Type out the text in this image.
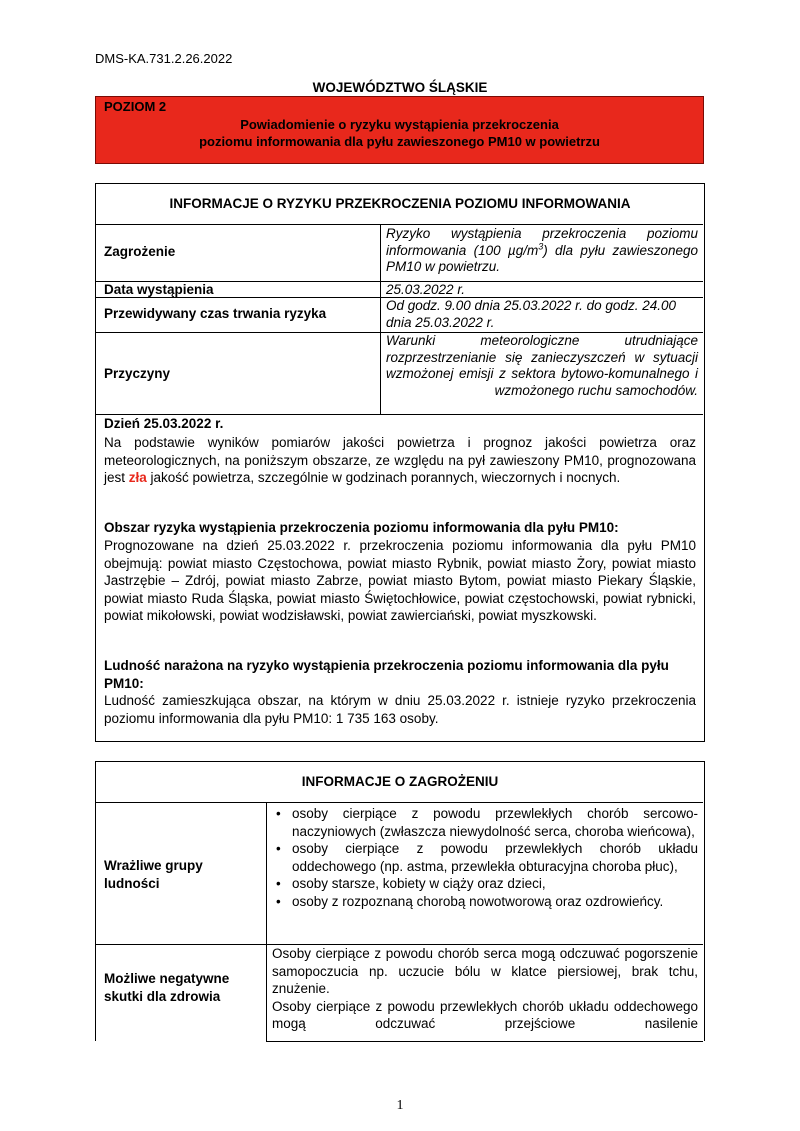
DMS-KA.731.2.26.2022
WOJEWÓDZTWO ŚLĄSKIE
POZIOM 2
Powiadomienie o ryzyku wystąpienia przekroczenia
poziomu informowania dla pyłu zawieszonego PM10 w powietrzu
INFORMACJE O RYZYKU PRZEKROCZENIA POZIOMU INFORMOWANIA
Zagrożenie
Ryzyko wystąpienia przekroczenia poziomu informowania (100 $\mu g/m^3$) dla pyłu zawieszonego PM10 w powietrzu.
Data wystąpienia	25.03.2022 r.
Przewidywany czas trwania ryzyka
Od godz. 9.00 dnia 25.03.2022 r. do godz. 24.00 dnia 25.03.2022 r.
Przyczyny
Warunki meteorologiczne utrudniające rozprzestrzenianie się zanieczyszczeń w sytuacji wzmożonej emisji z sektora bytowo-komunalnego i wzmożonego ruchu samochodów.
Dzień 25.03.2022 r.
Na podstawie wyników pomiarów jakości powietrza i prognoz jakości powietrza oraz meteorologicznych, na poniższym obszarze, ze względu na pył zawieszony PM10, prognozowana jest zła jakość powietrza, szczególnie w godzinach porannych, wieczornych i nocnych.
Obszar ryzyka wystąpienia przekroczenia poziomu informowania dla pyłu PM10:
Prognozowane na dzień 25.03.2022 r. przekroczenia poziomu informowania dla pyłu PM10 obejmują: powiat miasto Częstochowa, powiat miasto Rybnik, powiat miasto Żory, powiat miasto Jastrzębie – Zdrój, powiat miasto Zabrze, powiat miasto Bytom, powiat miasto Piekary Śląskie, powiat miasto Ruda Śląska, powiat miasto Świętochłowice, powiat częstochowski, powiat rybnicki, powiat mikołowski, powiat wodzisławski, powiat zawierciański, powiat myszkowski.
Ludność narażona na ryzyko wystąpienia przekroczenia poziomu informowania dla pyłu PM10:
Ludność zamieszkująca obszar, na którym w dniu 25.03.2022 r. istnieje ryzyko przekroczenia poziomu informowania dla pyłu PM10: 1 735 163 osoby.
INFORMACJE O ZAGROŻENIU
Wrażliwe grupy
ludności
• osoby cierpiące z powodu przewlekłych chorób sercowo-naczyniowych (zwłaszcza niewydolność serca, choroba wieńcowa),
• osoby cierpiące z powodu przewlekłych chorób układu oddechowego (np. astma, przewlekła obturacyjna choroba płuc),
• osoby starsze, kobiety w ciąży oraz dzieci,
• osoby z rozpoznaną chorobą nowotworową oraz ozdrowieńcy.
Możliwe negatywne
skutki dla zdrowia
Osoby cierpiące z powodu chorób serca mogą odczuwać pogorszenie samopoczucia np. uczucie bólu w klatce piersiowej, brak tchu, znużenie.
Osoby cierpiące z powodu przewlekłych chorób układu oddechowego mogą odczuwać przejściowe nasilenie
1
